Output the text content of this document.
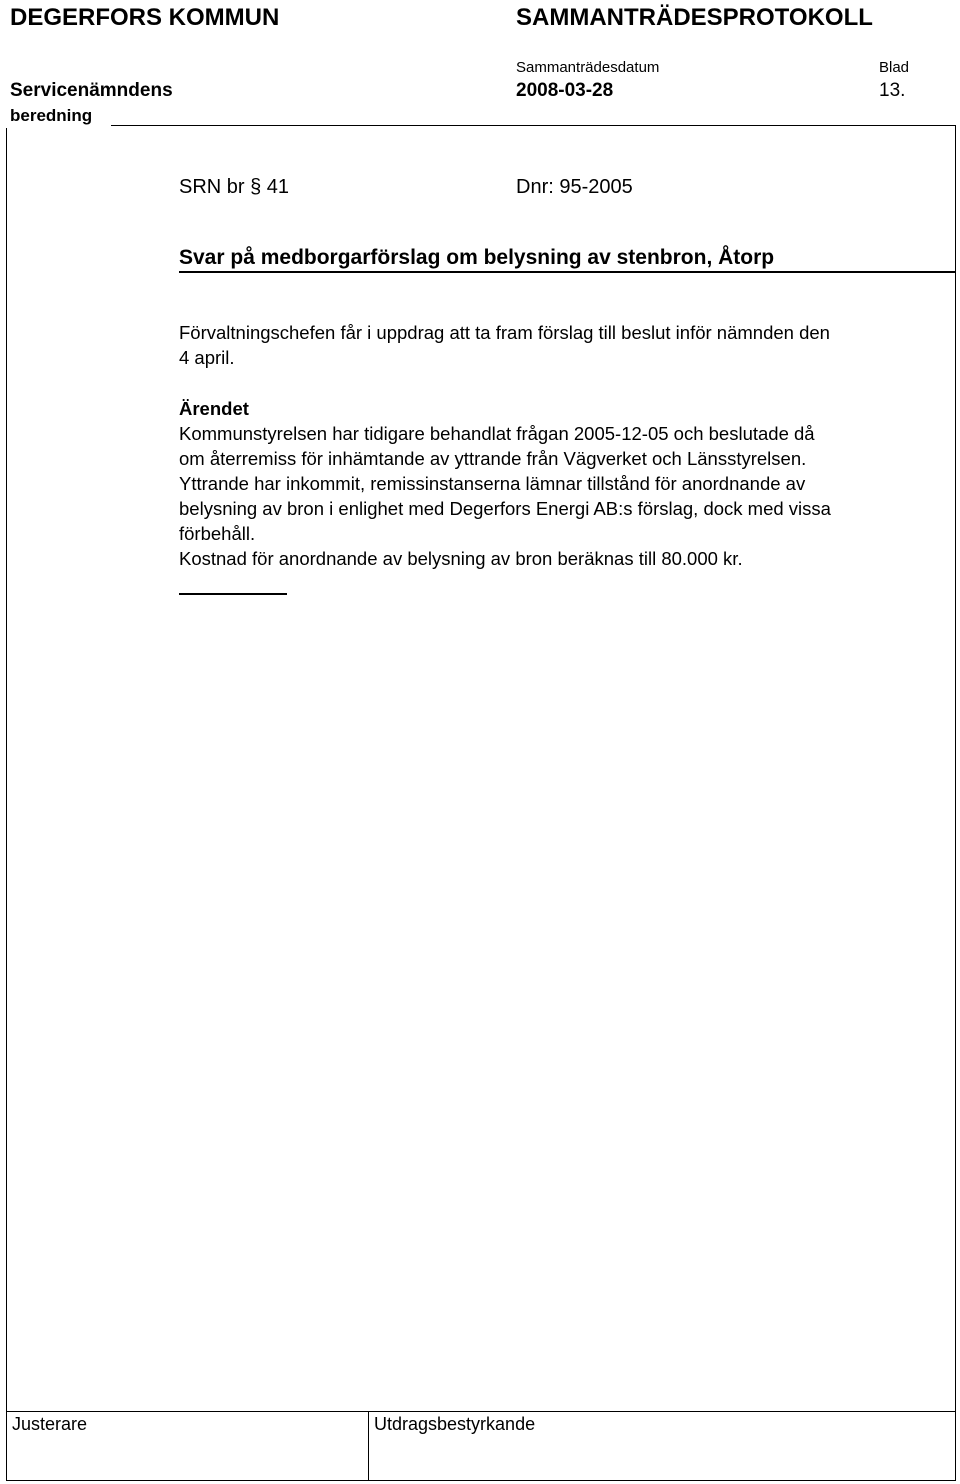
DEGERFORS KOMMUN	SAMMANTRÄDESPROTOKOLL
Sammanträdesdatum	Blad
Servicenämndens	2008-03-28	13.
beredning
SRN br § 41	Dnr: 95-2005
Svar på medborgarförslag om belysning av stenbron, Åtorp

Förvaltningschefen får i uppdrag att ta fram förslag till beslut inför nämnden den

4 april.

Ärendet

Kommunstyrelsen har tidigare behandlat frågan 2005-12-05 och beslutade då

om återremiss för inhämtande av yttrande från Vägverket och Länsstyrelsen.

Yttrande har inkommit, remissinstanserna lämnar tillstånd för anordnande av

belysning av bron i enlighet med Degerfors Energi AB:s förslag, dock med vissa

förbehåll.

Kostnad för anordnande av belysning av bron beräknas till 80.000 kr.

Justerare	Utdragsbestyrkande
